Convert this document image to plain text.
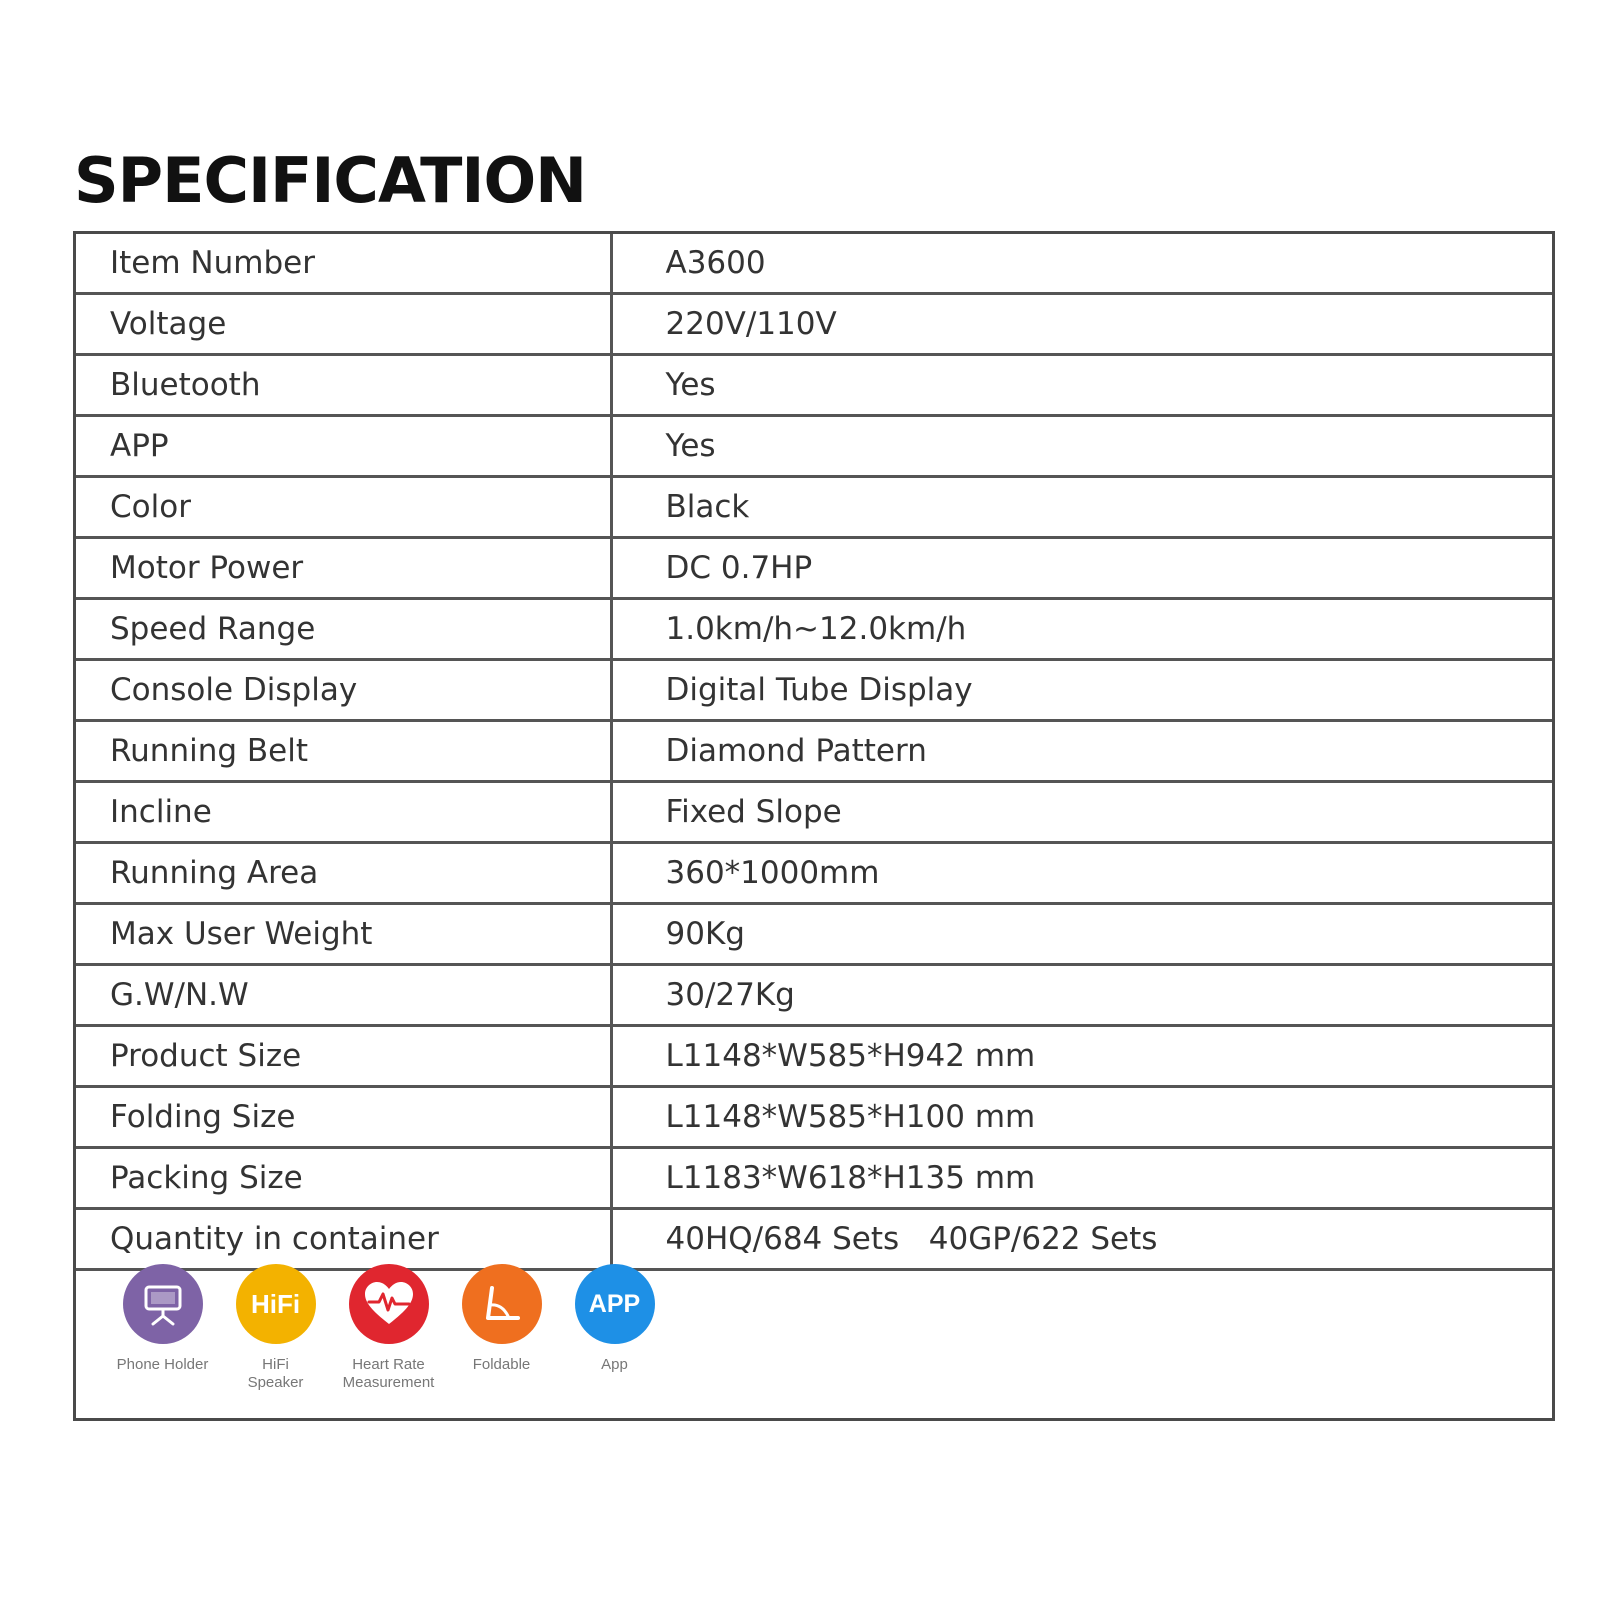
SPECIFICATION
Item Number	A3600
Voltage	220V/110V
Bluetooth	Yes
APP	Yes
Color	Black
Motor Power	DC 0.7HP
Speed Range	1.0km/h~12.0km/h
Console Display	Digital Tube Display
Running Belt	Diamond Pattern
Incline	Fixed Slope
Running Area	360*1000mm
Max User Weight	90Kg
G.W/N.W	30/27Kg
Product Size	L1148*W585*H942 mm
Folding Size	L1148*W585*H100 mm
Packing Size	L1183*W618*H135 mm
Quantity in container	40HQ/684 Sets   40GP/622 Sets
Phone Holder
HiFi
HiFi
Speaker
Heart Rate
Measurement
Foldable
APP
App
